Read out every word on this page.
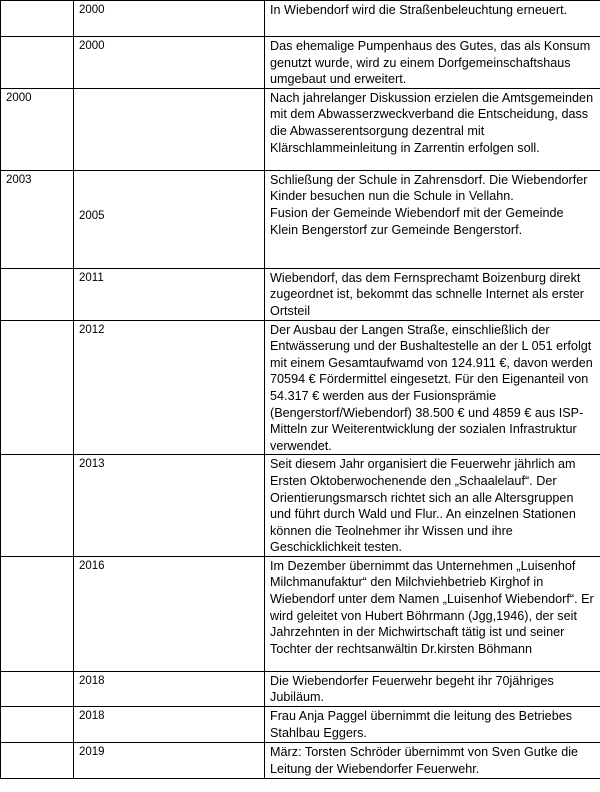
	2000	In Wiebendorf wird die Straßenbeleuchtung erneuert.
	2000	Das ehemalige Pumpenhaus des Gutes, das als Konsum genutzt wurde, wird zu einem Dorfgemeinschaftshaus umgebaut und erweitert.
2000		Nach jahrelanger Diskussion erzielen die Amtsgemeinden mit dem Abwasserzweckverband die Entscheidung, dass die Abwasserentsorgung dezentral mit Klärschlammeinleitung in Zarrentin erfolgen soll.
2003	2005	Schließung der Schule in Zahrensdorf. Die Wiebendorfer Kinder besuchen nun die Schule in Vellahn.
Fusion der Gemeinde Wiebendorf mit der Gemeinde Klein Bengerstorf zur Gemeinde Bengerstorf.

	2011	Wiebendorf, das dem Fernsprechamt Boizenburg direkt zugeordnet ist, bekommt das schnelle Internet als erster Ortsteil
	2012	Der Ausbau der Langen Straße, einschließlich der Entwässerung und der Bushaltestelle an der L 051 erfolgt mit einem Gesamtaufwamd von 124.911 €, davon werden 70594 € Fördermittel eingesetzt. Für den Eigenanteil von 54.317 € werden aus der Fusionsprämie (Bengerstorf/Wiebendorf) 38.500 € und 4859 € aus ISP-Mitteln zur Weiterentwicklung der sozialen Infrastruktur verwendet.
	2013	Seit diesem Jahr organisiert die Feuerwehr jährlich am Ersten Oktoberwochenende den „Schaalelauf“. Der Orientierungsmarsch richtet sich an alle Altersgruppen und führt durch Wald und Flur.. An einzelnen Stationen können die Teolnehmer ihr Wissen und ihre Geschicklichkeit testen.
	2016	Im Dezember übernimmt das Unternehmen „Luisenhof Milchmanufaktur“ den Milchviehbetrieb Kirghof in Wiebendorf unter dem Namen „Luisenhof Wiebendorf“. Er wird geleitet von Hubert Böhrmann (Jgg,1946), der seit Jahrzehnten in der Michwirtschaft tätig ist und seiner Tochter der rechtsanwältin Dr.kirsten Böhmann
	2018	Die Wiebendorfer Feuerwehr begeht ihr 70jähriges Jubiläum.
	2018	Frau Anja Paggel übernimmt die leitung des Betriebes Stahlbau Eggers.
	2019	März: Torsten Schröder übernimmt von Sven Gutke die Leitung der Wiebendorfer Feuerwehr.
